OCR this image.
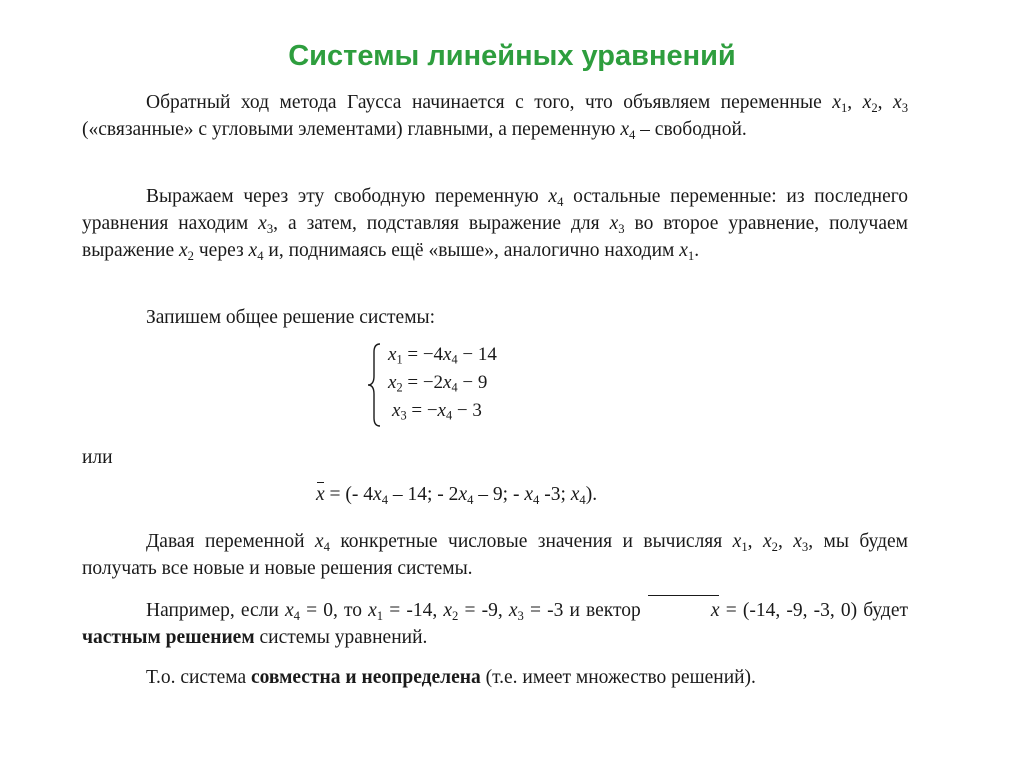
Системы линейных уравнений
Обратный ход метода Гаусса начинается с того, что объявляем переменные $x_1$, $x_2$, $x_3$ («связанные» с угловыми элементами) главными, а переменную $x_4$ – свободной.
Выражаем через эту свободную переменную $x_4$ остальные переменные: из последнего уравнения находим $x_3$, а затем, подставляя выражение для $x_3$ во второе уравнение, получаем выражение $x_2$ через $x_4$ и, поднимаясь ещё «выше», аналогично находим $x_1$.
Запишем общее решение системы:
$x_1 = -4x_4 - 14$
$x_2 = -2x_4 - 9$
$x_3 = -x_4 - 3$
или
x = (- $4x_4 - 14$; - $2x_4 - 9$; - $x_4$ -3; $x_4$).
Давая переменной $x_4$ конкретные числовые значения и вычисляя $x_1$, $x_2$, $x_3$, мы будем получать все новые и новые решения системы.
Например, если $x_4 = 0$, то $x_1 = -14$, $x_2 = -9$, $x_3 = -3$ и вектор	x = (-14, -9, -3, 0) будет частным решением системы уравнений.
Т.о. система совместна и неопределена (т.е. имеет множество решений).
